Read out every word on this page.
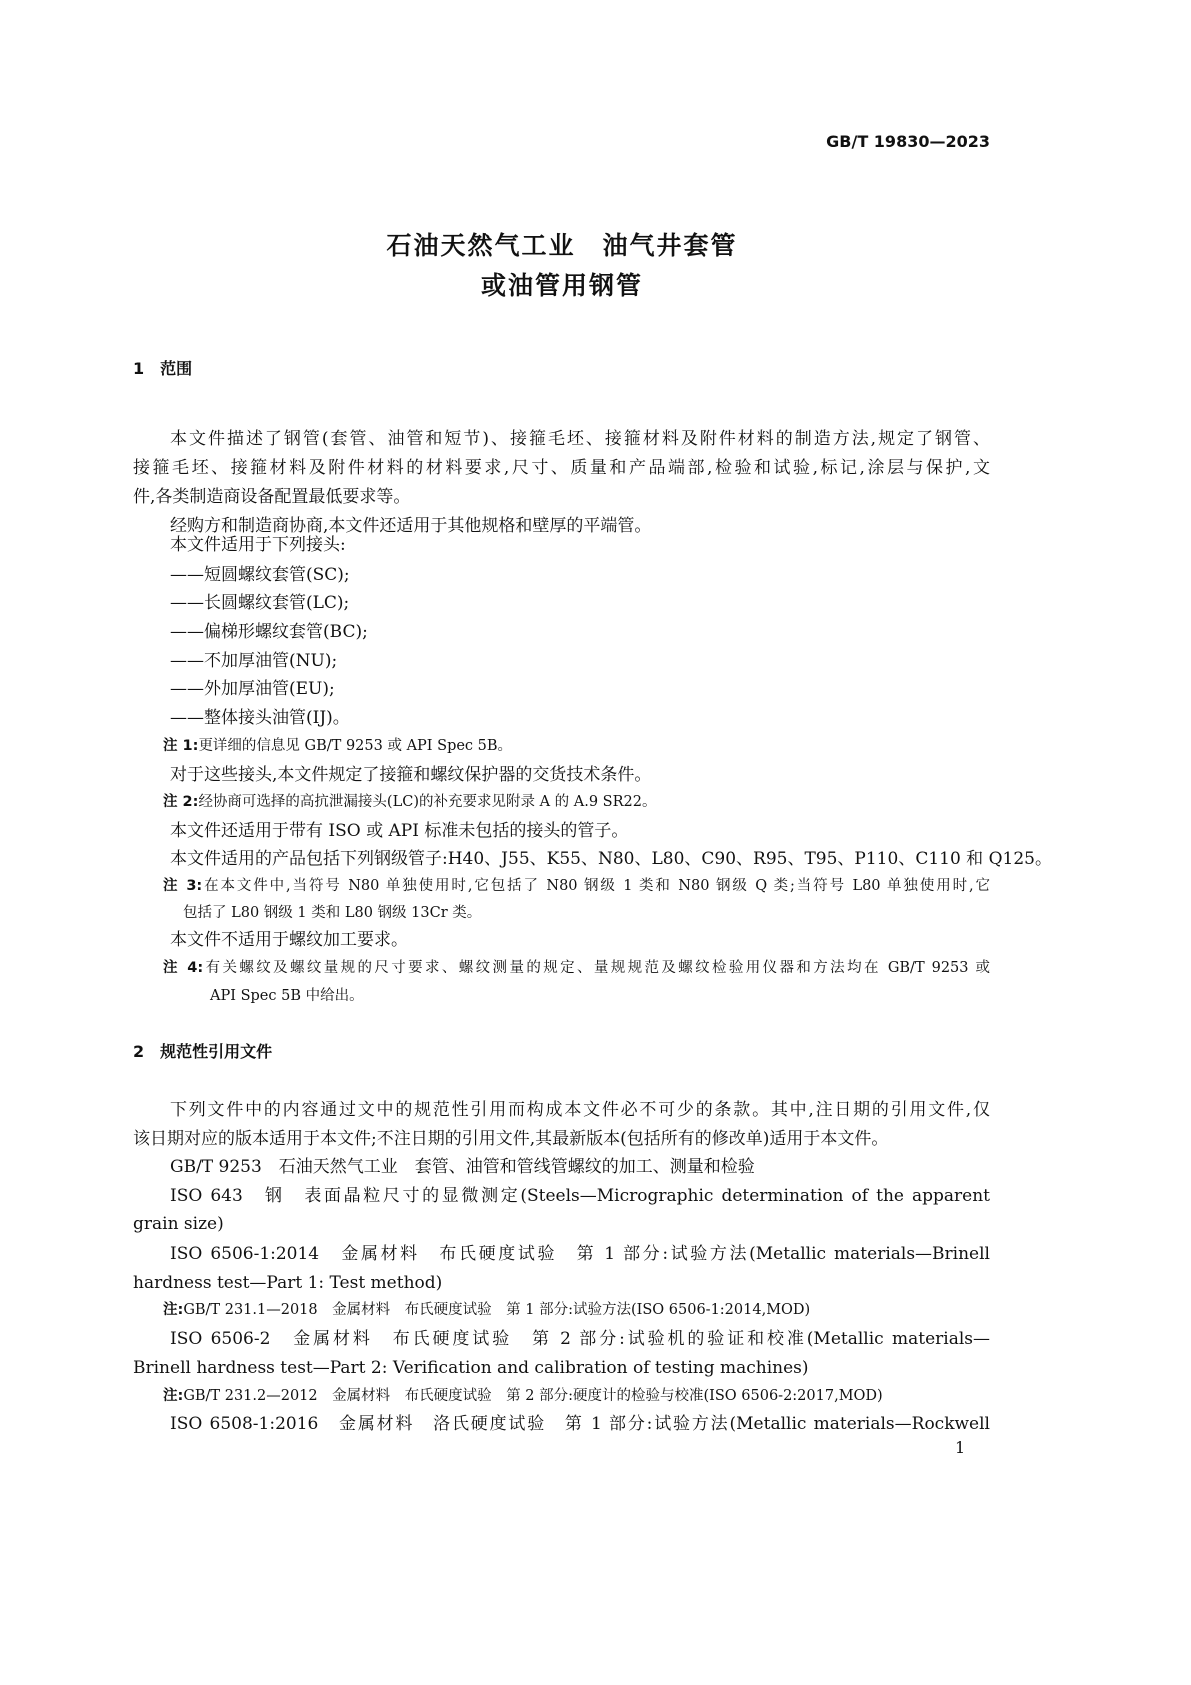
GB/T 19830—2023
石油天然气工业　油气井套管
或油管用钢管
1　范围
本文件描述了钢管(套管、油管和短节)、接箍毛坯、接箍材料及附件材料的制造方法,规定了钢管、
接箍毛坯、接箍材料及附件材料的材料要求,尺寸、质量和产品端部,检验和试验,标记,涂层与保护,文
件,各类制造商设备配置最低要求等。
经购方和制造商协商,本文件还适用于其他规格和壁厚的平端管。
本文件适用于下列接头:
——短圆螺纹套管(SC);
——长圆螺纹套管(LC);
——偏梯形螺纹套管(BC);
——不加厚油管(NU);
——外加厚油管(EU);
——整体接头油管(IJ)。
注 1:更详细的信息见 GB/T 9253 或 API Spec 5B。
对于这些接头,本文件规定了接箍和螺纹保护器的交货技术条件。
注 2:经协商可选择的高抗泄漏接头(LC)的补充要求见附录 A 的 A.9 SR22。
本文件还适用于带有 ISO 或 API 标准未包括的接头的管子。
本文件适用的产品包括下列钢级管子:H40、J55、K55、N80、L80、C90、R95、T95、P110、C110 和 Q125。
注 3:在本文件中,当符号 N80 单独使用时,它包括了 N80 钢级 1 类和 N80 钢级 Q 类;当符号 L80 单独使用时,它
包括了 L80 钢级 1 类和 L80 钢级 13Cr 类。
本文件不适用于螺纹加工要求。
注 4:有关螺纹及螺纹量规的尺寸要求、螺纹测量的规定、量规规范及螺纹检验用仪器和方法均在 GB/T 9253 或
API Spec 5B 中给出。
2　规范性引用文件
下列文件中的内容通过文中的规范性引用而构成本文件必不可少的条款。其中,注日期的引用文件,仅
该日期对应的版本适用于本文件;不注日期的引用文件,其最新版本(包括所有的修改单)适用于本文件。
GB/T 9253　石油天然气工业　套管、油管和管线管螺纹的加工、测量和检验
ISO 643　钢　表面晶粒尺寸的显微测定(Steels—Micrographic determination of the apparent
grain size)
ISO 6506-1:2014　金属材料　布氏硬度试验　第 1 部分:试验方法(Metallic materials—Brinell
hardness test—Part 1: Test method)
注:GB/T 231.1—2018　金属材料　布氏硬度试验　第 1 部分:试验方法(ISO 6506-1:2014,MOD)
ISO 6506-2　金属材料　布氏硬度试验　第 2 部分:试验机的验证和校准(Metallic materials—
Brinell hardness test—Part 2: Verification and calibration of testing machines)
注:GB/T 231.2—2012　金属材料　布氏硬度试验　第 2 部分:硬度计的检验与校准(ISO 6506-2:2017,MOD)
ISO 6508-1:2016　金属材料　洛氏硬度试验　第 1 部分:试验方法(Metallic materials—Rockwell
1
